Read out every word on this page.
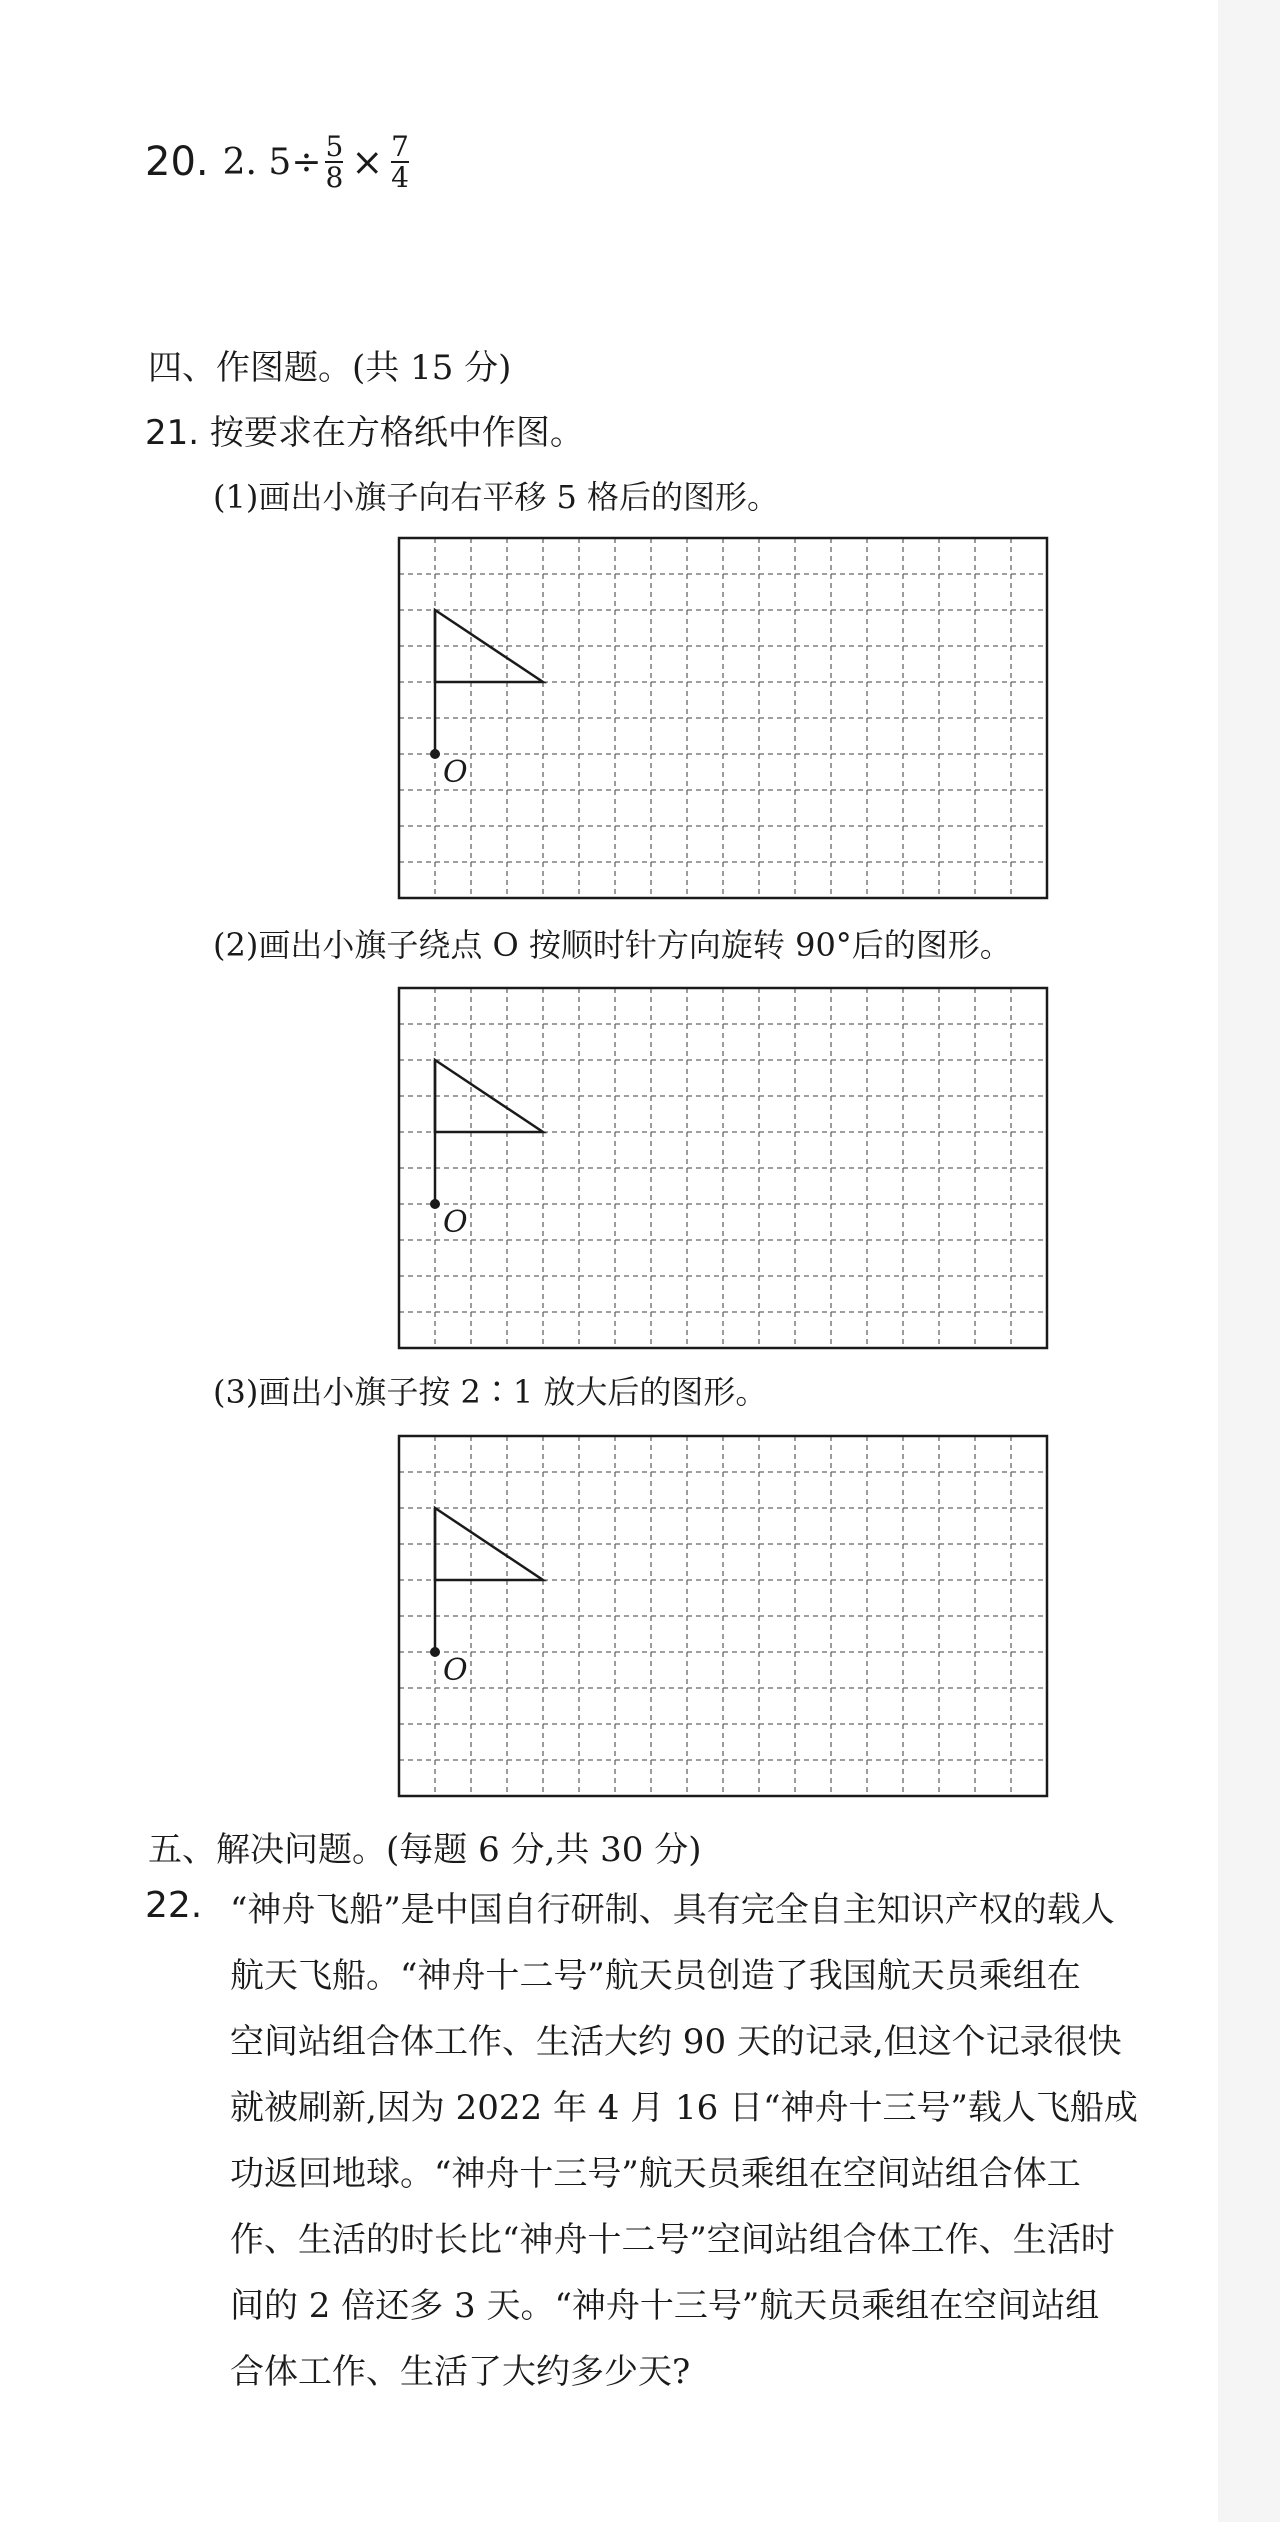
20. 2. $5\div \frac{5}{8} \times \frac{7}{4}$
四、作图题。(共 15 分)
21. 按要求在方格纸中作图。
(1)画出小旗子向右平移 5 格后的图形。
O
(2)画出小旗子绕点 O 按顺时针方向旋转 90°后的图形。
O
(3)画出小旗子按 2∶1 放大后的图形。
O
五、解决问题。(每题 6 分,共 30 分)
22. “神舟飞船”是中国自行研制、具有完全自主知识产权的载人
航天飞船。“神舟十二号”航天员创造了我国航天员乘组在
空间站组合体工作、生活大约 90 天的记录,但这个记录很快
就被刷新,因为 2022 年 4 月 16 日“神舟十三号”载人飞船成
功返回地球。“神舟十三号”航天员乘组在空间站组合体工
作、生活的时长比“神舟十二号”空间站组合体工作、生活时
间的 2 倍还多 3 天。“神舟十三号”航天员乘组在空间站组
合体工作、生活了大约多少天?
